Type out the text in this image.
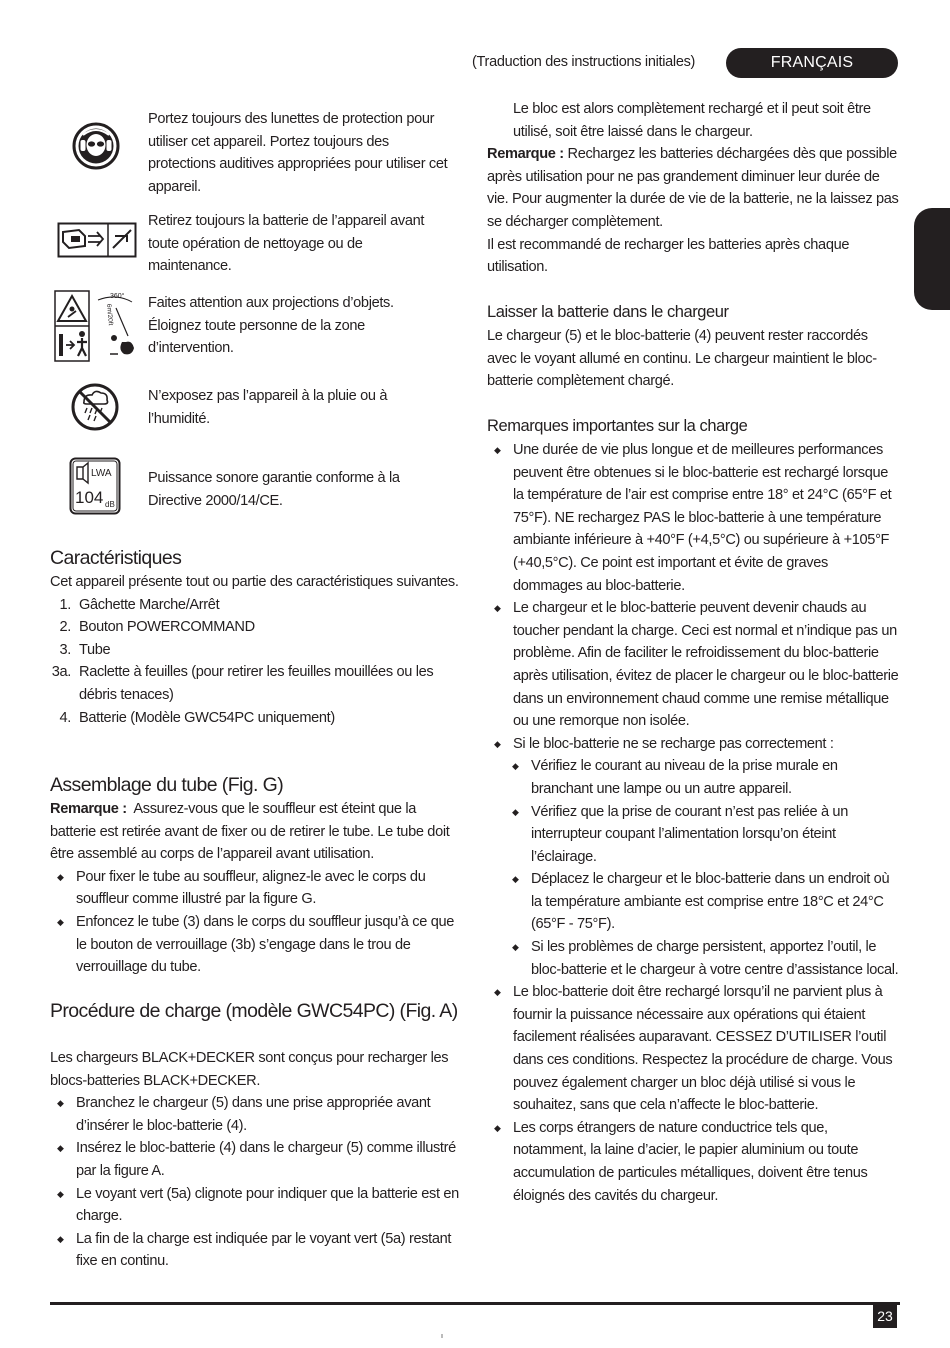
(Traduction des instructions initiales)	FRANÇAIS
Portez toujours des lunettes de protection pour utiliser cet appareil. Portez toujours des protections auditives appropriées pour utiliser cet appareil.
Retirez toujours la batterie de l’appareil avant toute opération de nettoyage ou de maintenance.
360°
6m/20ft
Faites attention aux projections d’objets. Éloignez toute personne de la zone d’intervention.
N’exposez pas l’appareil à la pluie ou à l’humidité.
LWA
104 dB
Puissance sonore garantie conforme à la Directive 2000/14/CE.
Caractéristiques

Cet appareil présente tout ou partie des caractéristiques suivantes.

1. Gâchette Marche/Arrêt
2. Bouton POWERCOMMAND
3. Tube
3a. Raclette à feuilles (pour retirer les feuilles mouillées ou les débris tenaces)
4. Batterie (Modèle GWC54PC uniquement)
Assemblage du tube (Fig. G)

Remarque : Assurez-vous que le souffleur est éteint que la batterie est retirée avant de fixer ou de retirer le tube. Le tube doit être assemblé au corps de l’appareil avant utilisation.

◆ Pour fixer le tube au souffleur, alignez-le avec le corps du souffleur comme illustré par la figure G.
◆ Enfoncez le tube (3) dans le corps du souffleur jusqu’à ce que le bouton de verrouillage (3b) s’engage dans le trou de verrouillage du tube.
Procédure de charge (modèle GWC54PC) (Fig. A)

Les chargeurs BLACK+DECKER sont conçus pour recharger les blocs-batteries BLACK+DECKER.

◆ Branchez le chargeur (5) dans une prise appropriée avant d’insérer le bloc-batterie (4).
◆ Insérez le bloc-batterie (4) dans le chargeur (5) comme illustré par la figure A.
◆ Le voyant vert (5a) clignote pour indiquer que la batterie est en charge.
◆ La fin de la charge est indiquée par le voyant vert (5a) restant fixe en continu.

Le bloc est alors complètement rechargé et il peut soit être utilisé, soit être laissé dans le chargeur.

Remarque : Rechargez les batteries déchargées dès que possible après utilisation pour ne pas grandement diminuer leur durée de vie. Pour augmenter la durée de vie de la batterie, ne la laissez pas se décharger complètement.

Il est recommandé de recharger les batteries après chaque utilisation.

Laisser la batterie dans le chargeur
Le chargeur (5) et le bloc-batterie (4) peuvent rester raccordés avec le voyant allumé en continu. Le chargeur maintient le bloc-batterie complètement chargé.
Remarques importantes sur la charge
◆ Une durée de vie plus longue et de meilleures performances peuvent être obtenues si le bloc-batterie est rechargé lorsque la température de l’air est comprise entre 18° et 24°C (65°F et 75°F). NE rechargez PAS le bloc-batterie à une température ambiante inférieure à +40°F (+4,5°C) ou supérieure à +105°F (+40,5°C). Ce point est important et évite de graves dommages au bloc-batterie.
◆ Le chargeur et le bloc-batterie peuvent devenir chauds au toucher pendant la charge. Ceci est normal et n’indique pas un problème. Afin de faciliter le refroidissement du bloc-batterie après utilisation, évitez de placer le chargeur ou le bloc-batterie dans un environnement chaud comme une remise métallique ou une remorque non isolée.
◆ Si le bloc-batterie ne se recharge pas correctement :
◆ Vérifiez le courant au niveau de la prise murale en branchant une lampe ou un autre appareil.
◆ Vérifiez que la prise de courant n’est pas reliée à un interrupteur coupant l’alimentation lorsqu’on éteint l’éclairage.
◆ Déplacez le chargeur et le bloc-batterie dans un endroit où la température ambiante est comprise entre 18°C et 24°C (65°F - 75°F).
◆ Si les problèmes de charge persistent, apportez l’outil, le bloc-batterie et le chargeur à votre centre d’assistance local.
◆ Le bloc-batterie doit être rechargé lorsqu’il ne parvient plus à fournir la puissance nécessaire aux opérations qui étaient facilement réalisées auparavant. CESSEZ D’UTILISER l’outil dans ces conditions. Respectez la procédure de charge. Vous pouvez également charger un bloc déjà utilisé si vous le souhaitez, sans que cela n’affecte le bloc-batterie.
◆ Les corps étrangers de nature conductrice tels que, notamment, la laine d’acier, le papier aluminium ou toute accumulation de particules métalliques, doivent être tenus éloignés des cavités du chargeur.
23
